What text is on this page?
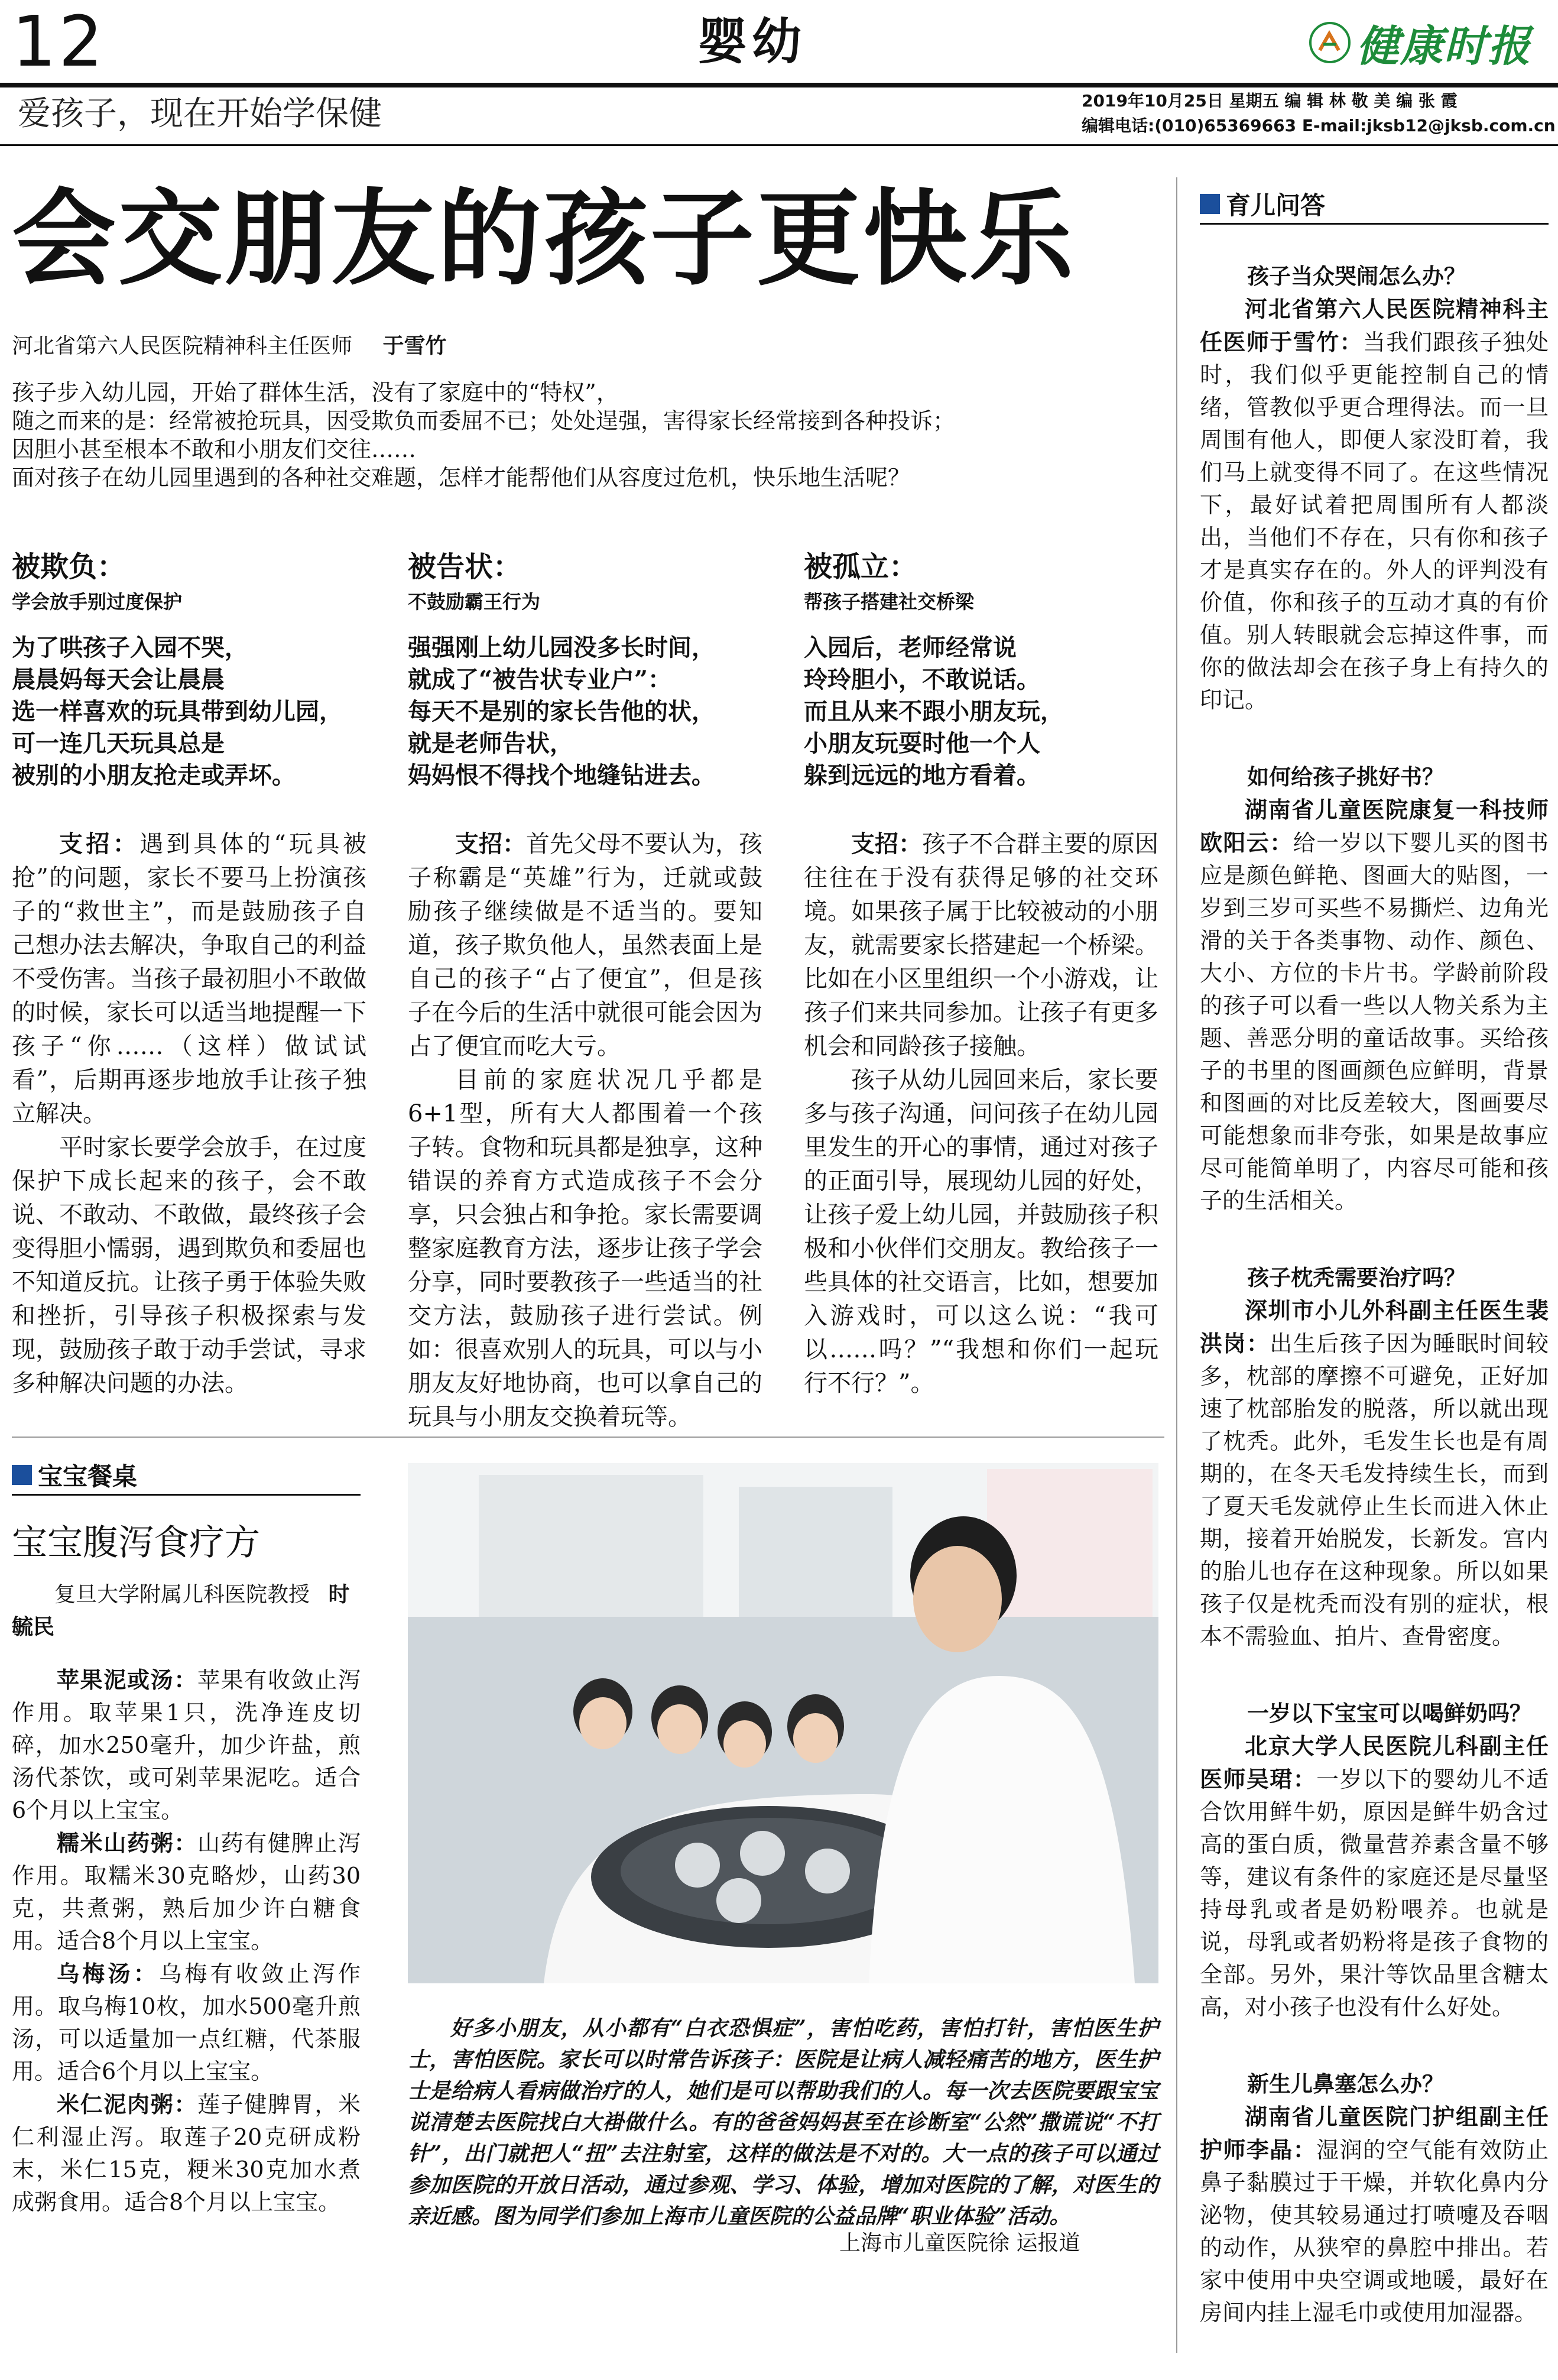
12	婴幼	健康时报
爱孩子，现在开始学保健	2019年10月25日 星期五 编 辑 林 敬 美 编 张 霞
编辑电话:(010)65369663 E-mail:jksb12@jksb.com.cn
会交朋友的孩子更快乐
河北省第六人民医院精神科主任医师 于雪竹
孩子步入幼儿园，开始了群体生活，没有了家庭中的“特权”，
随之而来的是：经常被抢玩具，因受欺负而委屈不已；处处逞强，害得家长经常接到各种投诉；
因胆小甚至根本不敢和小朋友们交往……
面对孩子在幼儿园里遇到的各种社交难题，怎样才能帮他们从容度过危机，快乐地生活呢？
被欺负：
学会放手别过度保护
为了哄孩子入园不哭，
晨晨妈每天会让晨晨
选一样喜欢的玩具带到幼儿园，
可一连几天玩具总是
被别的小朋友抢走或弄坏。

支招：遇到具体的“玩具被抢”的问题，家长不要马上扮演孩子的“救世主”，而是鼓励孩子自己想办法去解决，争取自己的利益不受伤害。当孩子最初胆小不敢做的时候，家长可以适当地提醒一下孩子“你……（这样）做试试看”，后期再逐步地放手让孩子独立解决。

平时家长要学会放手，在过度保护下成长起来的孩子，会不敢说、不敢动、不敢做，最终孩子会变得胆小懦弱，遇到欺负和委屈也不知道反抗。让孩子勇于体验失败和挫折，引导孩子积极探索与发现，鼓励孩子敢于动手尝试，寻求多种解决问题的办法。

被告状：
不鼓励霸王行为
强强刚上幼儿园没多长时间，
就成了“被告状专业户”：
每天不是别的家长告他的状，
就是老师告状，
妈妈恨不得找个地缝钻进去。

支招：首先父母不要认为，孩子称霸是“英雄”行为，迁就或鼓励孩子继续做是不适当的。要知道，孩子欺负他人，虽然表面上是自己的孩子“占了便宜”，但是孩子在今后的生活中就很可能会因为占了便宜而吃大亏。

目前的家庭状况几乎都是6+1型，所有大人都围着一个孩子转。食物和玩具都是独享，这种错误的养育方式造成孩子不会分享，只会独占和争抢。家长需要调整家庭教育方法，逐步让孩子学会分享，同时要教孩子一些适当的社交方法，鼓励孩子进行尝试。例如：很喜欢别人的玩具，可以与小朋友友好地协商，也可以拿自己的玩具与小朋友交换着玩等。

被孤立：
帮孩子搭建社交桥梁
入园后，老师经常说
玲玲胆小，不敢说话。
而且从来不跟小朋友玩，
小朋友玩耍时他一个人
躲到远远的地方看着。

支招：孩子不合群主要的原因往往在于没有获得足够的社交环境。如果孩子属于比较被动的小朋友，就需要家长搭建起一个桥梁。比如在小区里组织一个小游戏，让孩子们来共同参加。让孩子有更多机会和同龄孩子接触。

孩子从幼儿园回来后，家长要多与孩子沟通，问问孩子在幼儿园里发生的开心的事情，通过对孩子的正面引导，展现幼儿园的好处，让孩子爱上幼儿园，并鼓励孩子积极和小伙伴们交朋友。教给孩子一些具体的社交语言，比如，想要加入游戏时，可以这么说：“我可以……吗？”“我想和你们一起玩行不行？”。

育儿问答
孩子当众哭闹怎么办？
河北省第六人民医院精神科主任医师于雪竹：当我们跟孩子独处时，我们似乎更能控制自己的情绪，管教似乎更合理得法。而一旦周围有他人，即便人家没盯着，我们马上就变得不同了。在这些情况下，最好试着把周围所有人都淡出，当他们不存在，只有你和孩子才是真实存在的。外人的评判没有价值，你和孩子的互动才真的有价值。别人转眼就会忘掉这件事，而你的做法却会在孩子身上有持久的印记。
如何给孩子挑好书？
湖南省儿童医院康复一科技师欧阳云：给一岁以下婴儿买的图书应是颜色鲜艳、图画大的贴图，一岁到三岁可买些不易撕烂、边角光滑的关于各类事物、动作、颜色、大小、方位的卡片书。学龄前阶段的孩子可以看一些以人物关系为主题、善恶分明的童话故事。买给孩子的书里的图画颜色应鲜明，背景和图画的对比反差较大，图画要尽可能想象而非夸张，如果是故事应尽可能简单明了，内容尽可能和孩子的生活相关。
孩子枕秃需要治疗吗？
深圳市小儿外科副主任医生裴洪岗：出生后孩子因为睡眠时间较多，枕部的摩擦不可避免，正好加速了枕部胎发的脱落，所以就出现了枕秃。此外，毛发生长也是有周期的，在冬天毛发持续生长，而到了夏天毛发就停止生长而进入休止期，接着开始脱发，长新发。宫内的胎儿也存在这种现象。所以如果孩子仅是枕秃而没有别的症状，根本不需验血、拍片、查骨密度。
一岁以下宝宝可以喝鲜奶吗？
北京大学人民医院儿科副主任医师吴珺：一岁以下的婴幼儿不适合饮用鲜牛奶，原因是鲜牛奶含过高的蛋白质，微量营养素含量不够等，建议有条件的家庭还是尽量坚持母乳或者是奶粉喂养。也就是说，母乳或者奶粉将是孩子食物的全部。另外，果汁等饮品里含糖太高，对小孩子也没有什么好处。
新生儿鼻塞怎么办？
湖南省儿童医院门护组副主任护师李晶：湿润的空气能有效防止鼻子黏膜过于干燥，并软化鼻内分泌物，使其较易通过打喷嚏及吞咽的动作，从狭窄的鼻腔中排出。若家中使用中央空调或地暖，最好在房间内挂上湿毛巾或使用加湿器。
宝宝餐桌
宝宝腹泻食疗方
复旦大学附属儿科医院教授 时毓民

苹果泥或汤：苹果有收敛止泻作用。取苹果1只，洗净连皮切碎，加水250毫升，加少许盐，煎汤代茶饮，或可剁苹果泥吃。适合6个月以上宝宝。

糯米山药粥：山药有健脾止泻作用。取糯米30克略炒，山药30克，共煮粥，熟后加少许白糖食用。适合8个月以上宝宝。

乌梅汤：乌梅有收敛止泻作用。取乌梅10枚，加水500毫升煎汤，可以适量加一点红糖，代茶服用。适合6个月以上宝宝。

米仁泥肉粥：莲子健脾胃，米仁利湿止泻。取莲子20克研成粉末，米仁15克，粳米30克加水煮成粥食用。适合8个月以上宝宝。

好多小朋友，从小都有“白衣恐惧症”，害怕吃药，害怕打针，害怕医生护士，害怕医院。家长可以时常告诉孩子：医院是让病人减轻痛苦的地方，医生护士是给病人看病做治疗的人，她们是可以帮助我们的人。每一次去医院要跟宝宝说清楚去医院找白大褂做什么。有的爸爸妈妈甚至在诊断室“公然”撒谎说“不打针”，出门就把人“扭”去注射室，这样的做法是不对的。大一点的孩子可以通过参加医院的开放日活动，通过参观、学习、体验，增加对医院的了解，对医生的亲近感。图为同学们参加上海市儿童医院的公益品牌“职业体验”活动。
上海市儿童医院徐 运报道
